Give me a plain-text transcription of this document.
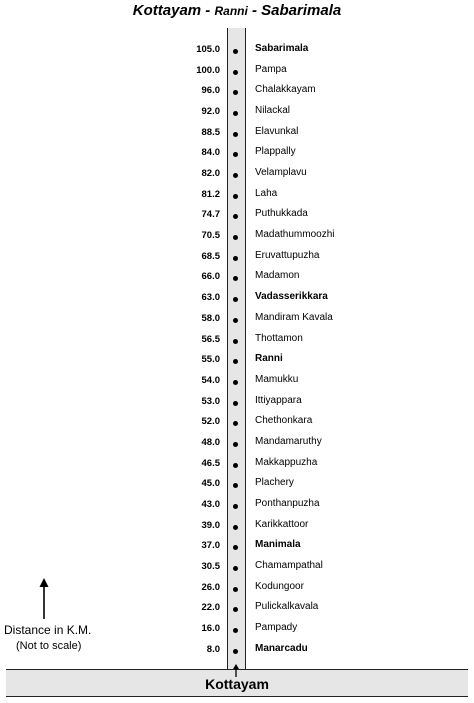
Kottayam - Ranni - Sabarimala
105.0	Sabarimala
100.0	Pampa
96.0	Chalakkayam
92.0	Nilackal
88.5	Elavunkal
84.0	Plappally
82.0	Velamplavu
81.2	Laha
74.7	Puthukkada
70.5	Madathummoozhi
68.5	Eruvattupuzha
66.0	Madamon
63.0	Vadasserikkara
58.0	Mandiram Kavala
56.5	Thottamon
55.0	Ranni
54.0	Mamukku
53.0	Ittiyappara
52.0	Chethonkara
48.0	Mandamaruthy
46.5	Makkappuzha
45.0	Plachery
43.0	Ponthanpuzha
39.0	Karikkattoor
37.0	Manimala
30.5	Chamampathal
26.0	Kodungoor
22.0	Pulickalkavala
16.0	Pampady
8.0	Manarcadu
Kottayam
Distance in K.M.
(Not to scale)
